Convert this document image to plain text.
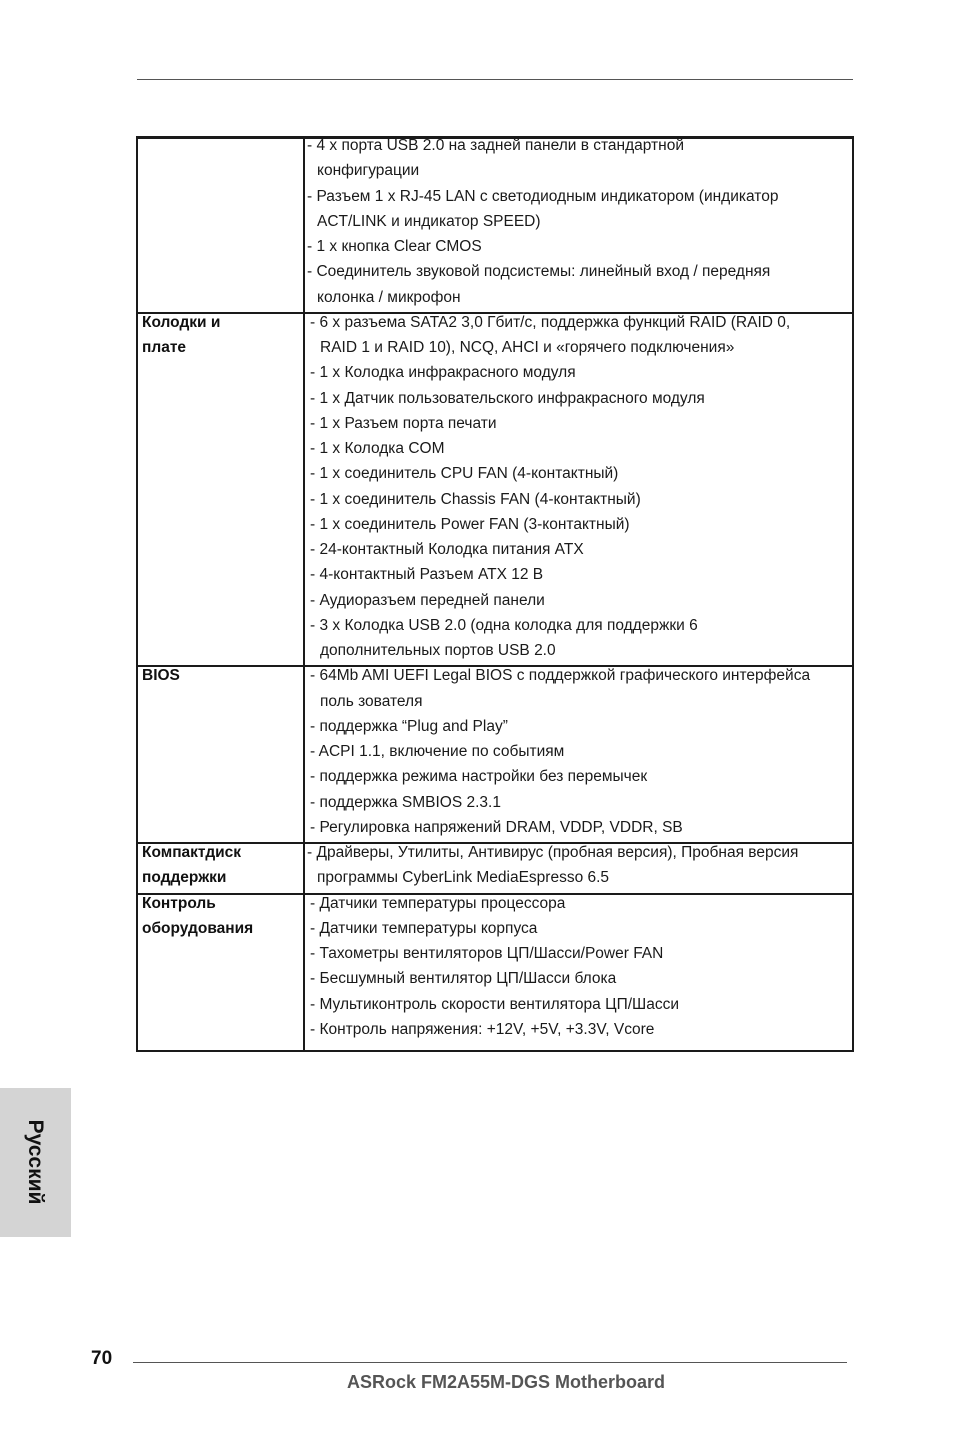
- 4 x порта USB 2.0 на задней панели в стандартной
конфигурации
- Разъем 1 x RJ-45 LAN с светодиодным индикатором (индикатор
ACT/LINK и индикатор SPEED)
- 1 x кнопка Clear CMOS
- Соединитель звуковой подсистемы: линейный вход / передняя
колонка / микрофон
Колодки и
плате
- 6 x разъема SATA2 3,0 Гбит/с, поддержка функций RAID (RAID 0,
RAID 1 и RAID 10), NCQ, AHCI и «горячего подключения»
- 1 x Колодка инфракрасного модуля
- 1 x Датчик пользовательского инфракрасного модуля
- 1 x Разъем порта печати
- 1 x Колодка COM
- 1 x соединитель CPU FAN (4-контактный)
- 1 x соединитель Chassis FAN (4-контактный)
- 1 x соединитель Power FAN (3-контактный)
- 24-контактный Колодка питания ATX
- 4-контактный Разъем ATX 12 В
- Аудиоразъем передней панели
- 3 x Колодка USB 2.0 (одна колодка для поддержки 6
дополнительных портов USB 2.0
BIOS	- 64Mb AMI UEFI Legal BIOS с поддержкой графического интерфейса
поль зователя
- поддержка “Plug and Play”
- ACPI 1.1, включение по событиям
- поддержка режима настройки без перемычек
- поддержка SMBIOS 2.3.1
- Регулировка напряжений DRAM, VDDP, VDDR, SB
Компактдиск
поддержки
- Драйверы, Утилиты, Антивирус (пробная версия), Пробная версия
программы CyberLink MediaEspresso 6.5
Контроль
оборудования
- Датчики температуры процессора
- Датчики температуры корпуса
- Тахометры вентиляторов ЦП/Шасси/Power FAN
- Бесшумный вентилятор ЦП/Шасси блока
- Мультиконтроль скорости вентилятора ЦП/Шасси
- Контроль напряжения: +12V, +5V, +3.3V, Vcore
Русский
70
ASRock FM2A55M-DGS Motherboard
